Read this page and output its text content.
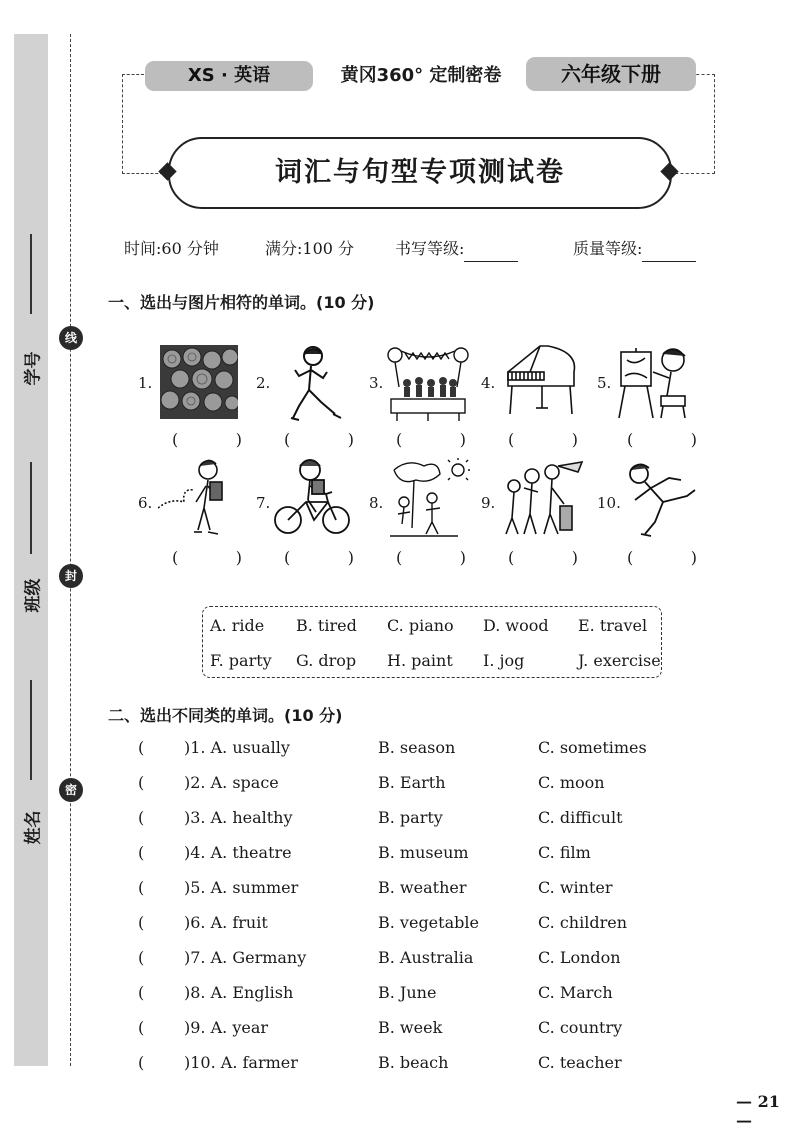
学号
班级
姓名
线
封
密
XS · 英语	黄冈360° 定制密卷	六年级下册
词汇与句型专项测试卷
时间:60 分钟	满分:100 分	书写等级:	质量等级:
一、选出与图片相符的单词。(10 分)
1.	2.	3.	4.	5.
(	)	(	)	(	)	(	)	(	)
6.	7.	8.	9.	10.
(	)	(	)	(	)	(	)	(	)
A. ride B. tired C. piano D. wood E. travel
F. party G. drop H. paint I. jog	J. exercise
二、选出不同类的单词。(10 分)
( )1. A. usually	B. season	C. sometimes
( )2. A. space	B. Earth	C. moon
( )3. A. healthy	B. party	C. difficult
( )4. A. theatre	B. museum	C. film
( )5. A. summer	B. weather	C. winter
( )6. A. fruit	B. vegetable	C. children
( )7. A. Germany	B. Australia	C. London
( )8. A. English	B. June	C. March
( )9. A. year	B. week	C. country
( )10. A. farmer	B. beach	C. teacher
— 21 —
